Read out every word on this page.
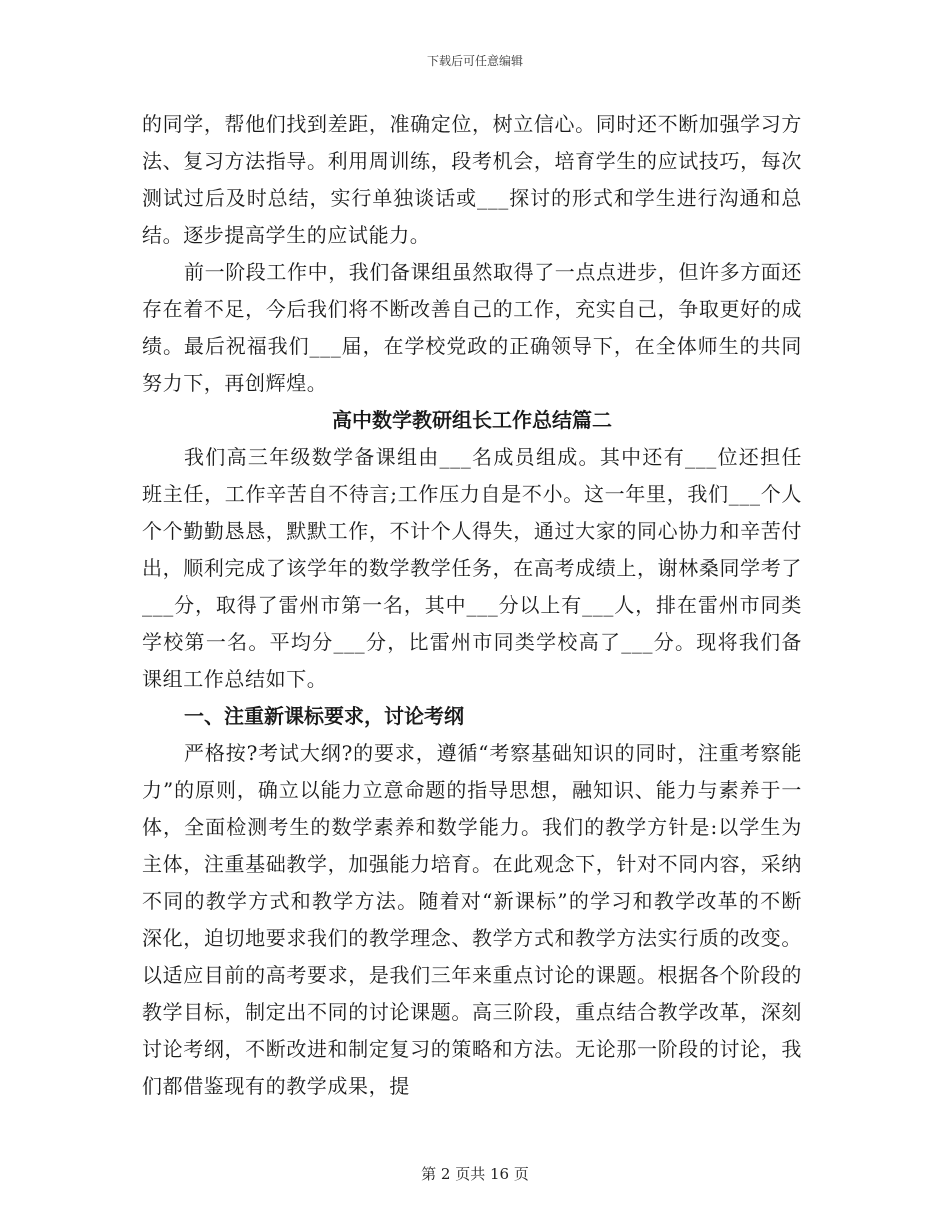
下载后可任意编辑

的同学，帮他们找到差距，准确定位，树立信心。同时还不断加强学习方法、复习方法指导。利用周训练，段考机会，培育学生的应试技巧，每次测试过后及时总结，实行单独谈话或___探讨的形式和学生进行沟通和总结。逐步提高学生的应试能力。

前一阶段工作中，我们备课组虽然取得了一点点进步，但许多方面还存在着不足，今后我们将不断改善自己的工作，充实自己，争取更好的成绩。最后祝福我们___届，在学校党政的正确领导下，在全体师生的共同努力下，再创辉煌。

高中数学教研组长工作总结篇二

我们高三年级数学备课组由___名成员组成。其中还有___位还担任班主任，工作辛苦自不待言;工作压力自是不小。这一年里，我们___个人个个勤勤恳恳，默默工作，不计个人得失，通过大家的同心协力和辛苦付出，顺利完成了该学年的数学教学任务，在高考成绩上，谢林桑同学考了___分，取得了雷州市第一名，其中___分以上有___人，排在雷州市同类学校第一名。平均分___分，比雷州市同类学校高了___分。现将我们备课组工作总结如下。

一、注重新课标要求，讨论考纲

严格按?考试大纲?的要求，遵循“考察基础知识的同时，注重考察能力”的原则，确立以能力立意命题的指导思想，融知识、能力与素养于一体，全面检测考生的数学素养和数学能力。我们的教学方针是:以学生为主体，注重基础教学，加强能力培育。在此观念下，针对不同内容，采纳不同的教学方式和教学方法。随着对“新课标”的学习和教学改革的不断深化，迫切地要求我们的教学理念、教学方式和教学方法实行质的改变。以适应目前的高考要求，是我们三年来重点讨论的课题。根据各个阶段的教学目标，制定出不同的讨论课题。高三阶段，重点结合教学改革，深刻讨论考纲，不断改进和制定复习的策略和方法。无论那一阶段的讨论，我们都借鉴现有的教学成果，提

第 2 页共 16 页
